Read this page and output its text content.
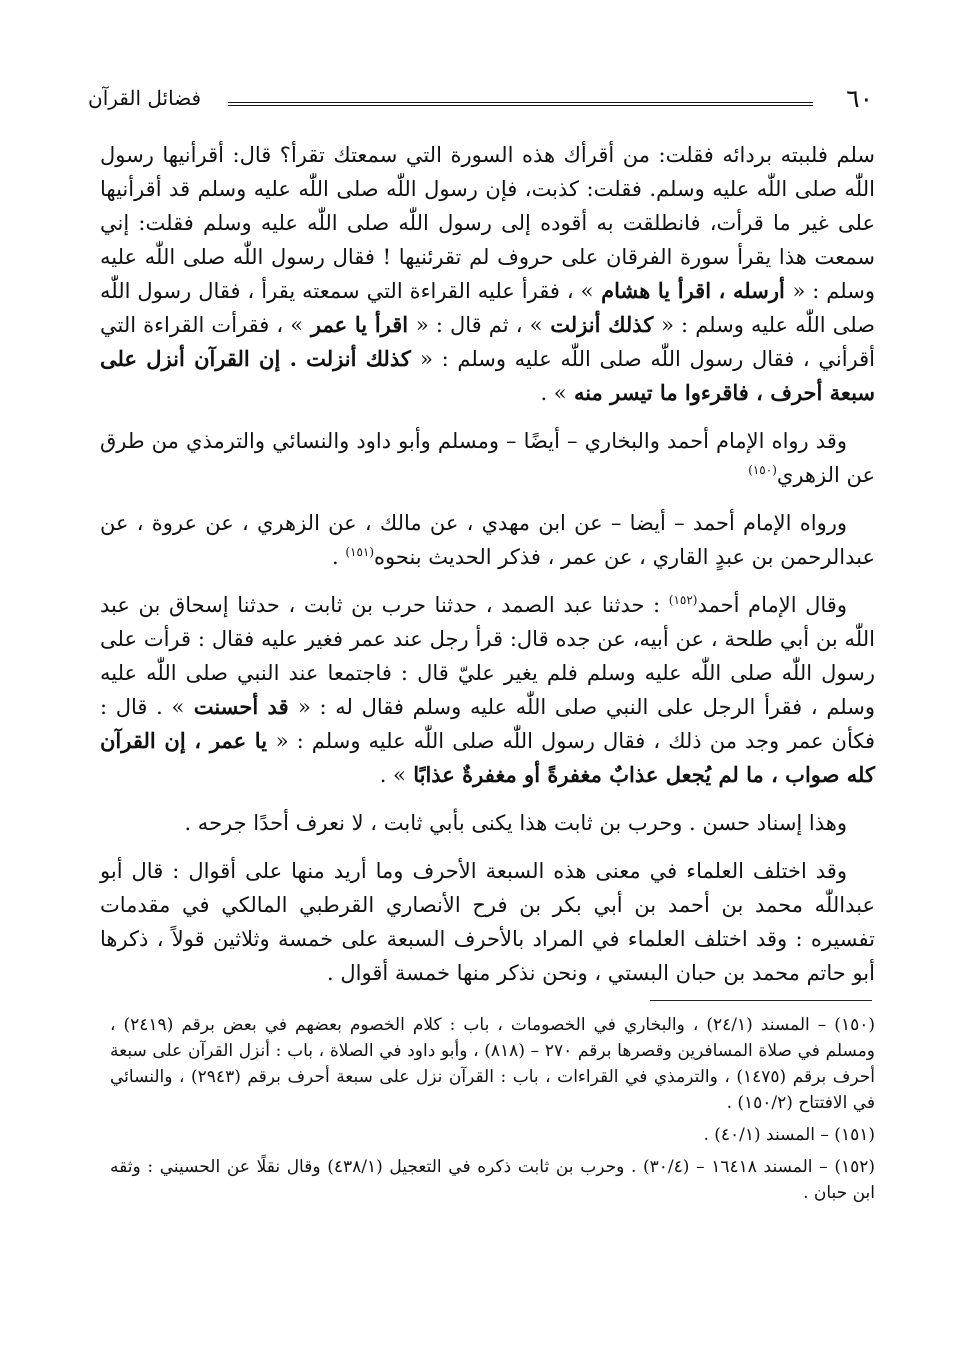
٦٠
فضائل القرآن

سلم فلببته بردائه فقلت: من أقرأك هذه السورة التي سمعتك تقرأ؟ قال: أقرأنيها رسول اللّٰه صلى اللّٰه عليه وسلم. فقلت: كذبت، فإن رسول اللّٰه صلى اللّٰه عليه وسلم قد أقرأنيها على غير ما قرأت، فانطلقت به أقوده إلى رسول اللّٰه صلى اللّٰه عليه وسلم فقلت: إني سمعت هذا يقرأ سورة الفرقان على حروف لم تقرئنيها ! فقال رسول اللّٰه صلى اللّٰه عليه وسلم : « أرسله ، اقرأ يا هشام » ، فقرأ عليه القراءة التي سمعته يقرأ ، فقال رسول اللّٰه صلى اللّٰه عليه وسلم : « كذلك أنزلت » ، ثم قال : « اقرأ يا عمر » ، فقرأت القراءة التي أقرأني ، فقال رسول اللّٰه صلى اللّٰه عليه وسلم : « كذلك أنزلت . إن القرآن أنزل على سبعة أحرف ، فاقرءوا ما تيسر منه » .

وقد رواه الإمام أحمد والبخاري – أيضًا – ومسلم وأبو داود والنسائي والترمذي من طرق عن الزهري$^{(١٥٠)}$

ورواه الإمام أحمد – أيضا – عن ابن مهدي ، عن مالك ، عن الزهري ، عن عروة ، عن عبدالرحمن بن عبدٍ القاري ، عن عمر ، فذكر الحديث بنحوه$^{(١٥١)}$ .

وقال الإمام أحمد$^{(١٥٢)}$ : حدثنا عبد الصمد ، حدثنا حرب بن ثابت ، حدثنا إسحاق بن عبد اللّٰه بن أبي طلحة ، عن أبيه، عن جده قال: قرأ رجل عند عمر فغير عليه فقال : قرأت على رسول اللّٰه صلى اللّٰه عليه وسلم فلم يغير عليّ قال : فاجتمعا عند النبي صلى اللّٰه عليه وسلم ، فقرأ الرجل على النبي صلى اللّٰه عليه وسلم فقال له : « قد أحسنت » . قال : فكأن عمر وجد من ذلك ، فقال رسول اللّٰه صلى اللّٰه عليه وسلم : « يا عمر ، إن القرآن كله صواب ، ما لم يُجعل عذابٌ مغفرةً أو مغفرةٌ عذابًا » .

وهذا إسناد حسن . وحرب بن ثابت هذا يكنى بأبي ثابت ، لا نعرف أحدًا جرحه .

وقد اختلف العلماء في معنى هذه السبعة الأحرف وما أريد منها على أقوال : قال أبو عبداللّٰه محمد بن أحمد بن أبي بكر بن فرح الأنصاري القرطبي المالكي في مقدمات تفسيره : وقد اختلف العلماء في المراد بالأحرف السبعة على خمسة وثلاثين قولاً ، ذكرها أبو حاتم محمد بن حبان البستي ، ونحن نذكر منها خمسة أقوال .

(١٥٠) – المسند (٢٤/١) ، والبخاري في الخصومات ، باب : كلام الخصوم بعضهم في بعض برقم (٢٤١٩) ، ومسلم في صلاة المسافرين وقصرها برقم ٢٧٠ – (٨١٨) ، وأبو داود في الصلاة ، باب : أنزل القرآن على سبعة أحرف برقم (١٤٧٥) ، والترمذي في القراءات ، باب : القرآن نزل على سبعة أحرف برقم (٢٩٤٣) ، والنسائي في الافتتاح (١٥٠/٢) .

(١٥١) – المسند (٤٠/١) .

(١٥٢) – المسند ١٦٤١٨ – (٣٠/٤) . وحرب بن ثابت ذكره في التعجيل (٤٣٨/١) وقال نقلًا عن الحسيني : وثقه ابن حبان .
